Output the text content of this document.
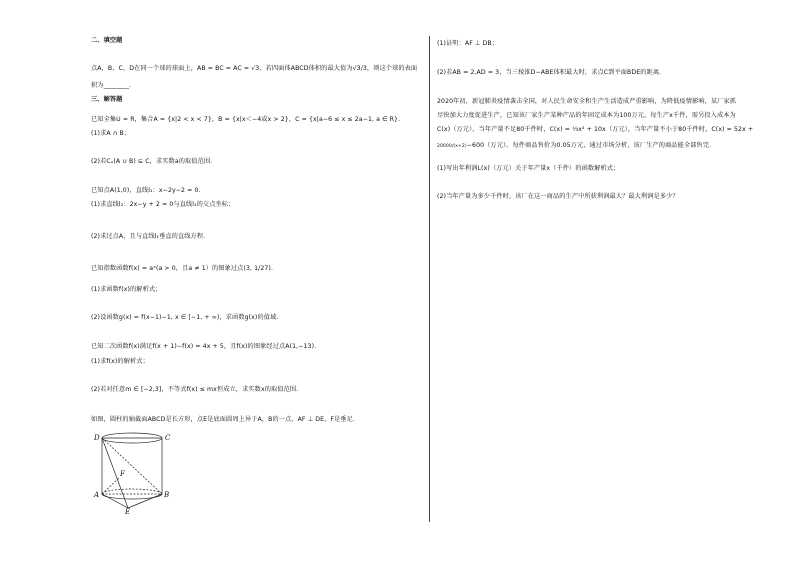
二、填空题
点A，B，C，D在同一个球的球面上，AB = BC = AC = √3，若四面体ABCD体积的最大值为√3/3，则这个球的表面
积为________.
三、解答题
已知全集U = R，集合A = {x|2 < x < 7}，B = {x|x＜−4或x > 2}，C = {x|a−6 ≤ x ≤ 2a−1, a ∈ R}.
(1)求A ∩ B；
(2)若Cᵤ(A ∪ B) ⊆ C，求实数a的取值范围.
已知点A(1,0)，直线l₁：x−2y−2 = 0.
(1)求直线l₂：2x−y + 2 = 0与直线l₁的交点坐标；
(2)求过点A，且与直线l₁垂直的直线方程.
已知指数函数f(x) = aˣ(a > 0，且a ≠ 1）的图象过点(3, 1/27).
(1)求函数f(x)的解析式；
(2)设函数g(x) = f(x−1)−1, x ∈ [−1, + ∞)，求函数g(x)的值域.
已知二次函数f(x)满足f(x + 1)−f(x) = 4x + 5，且f(x)的图象经过点A(1,−13).
(1)求f(x)的解析式；
(2)若对任意m ∈ [−2,3]，不等式f(x) ≤ mx恒成立，求实数x的取值范围.
如图，圆柱的轴截面ABCD是长方形，点E是底面圆周上异于A，B的一点，AF ⊥ DE，F是垂足.
D	C
F
A	B
E
(1)证明：AF ⊥ DB；
(2)若AB = 2,AD = 3，当三棱锥D−ABE体积最大时，求点C到平面BDE的距离.
2020年初，新冠肺炎疫情袭击全国，对人民生命安全和生产生活造成严重影响，为降低疫情影响，某厂家抓
尽快加大力度促进生产，已知该厂家生产某种产品的年固定成本为100万元，每生产x千件，需另投入成本为
C(x)（万元），当年产量不足80千件时，C(x) = ⅓x² + 10x（万元），当年产量不小于80千件时，C(x) = 52x +
20000/(x+2)−600（万元）。每件商品售价为0.05万元，通过市场分析，该厂生产的商品能全部售完.
(1)写出年利润L(x)（万元）关于年产量x（千件）的函数解析式；
(2)当年产量为多少千件时，该厂在这一商品的生产中所获利润最大？最大利润是多少？
